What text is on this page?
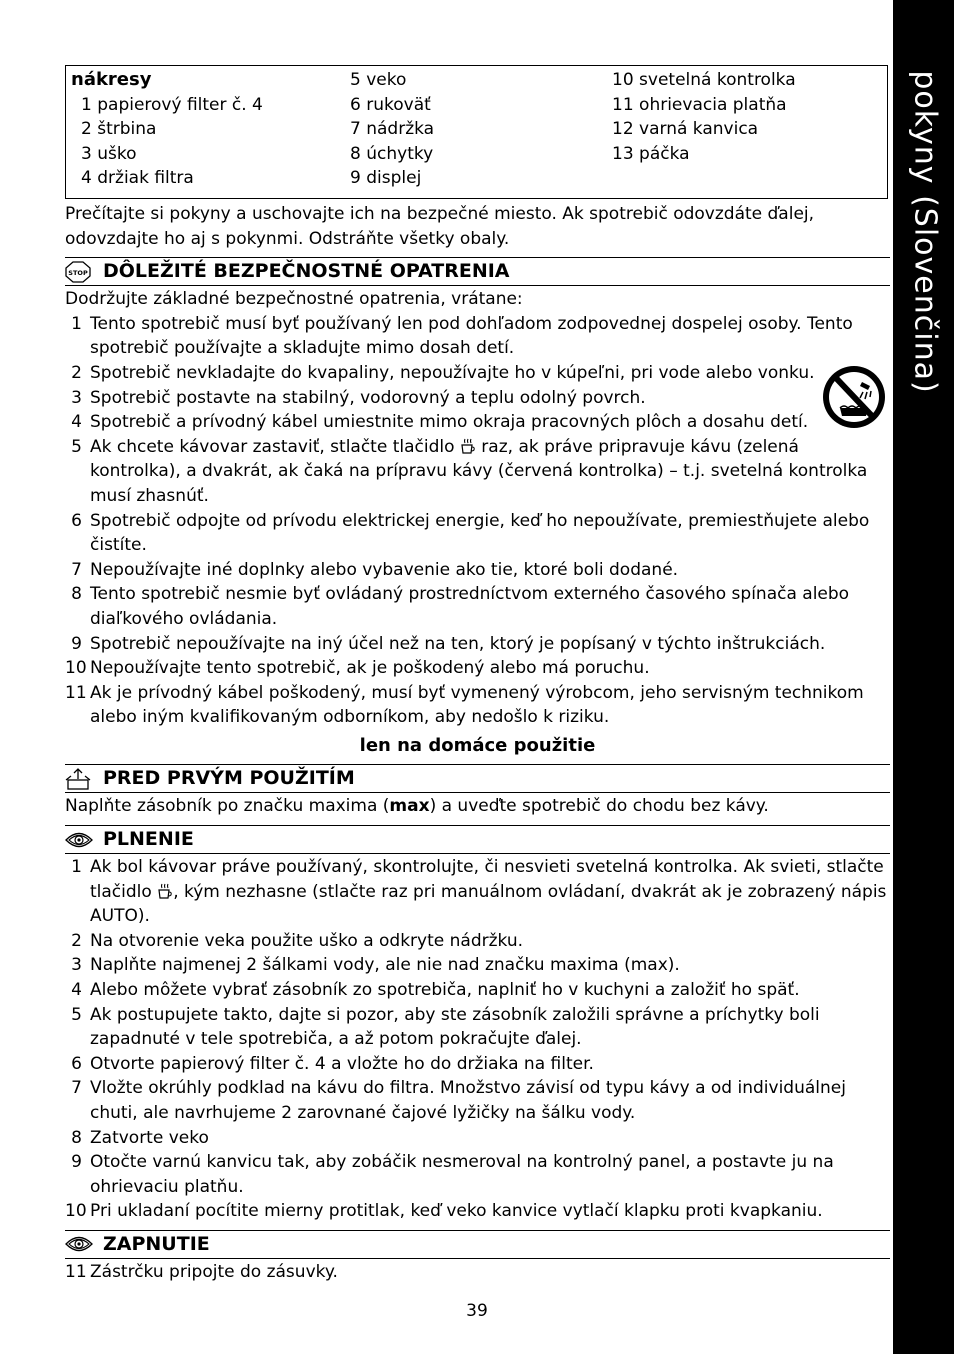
pokyny (Slovenčina)
nákresy
1 papierový filter č. 4
2 štrbina
3 uško
4 držiak filtra
5 veko
6 rukoväť
7 nádržka
8 úchytky
9 displej
10 svetelná kontrolka
11 ohrievacia platňa
12 varná kanvica
13 páčka

Prečítajte si pokyny a uschovajte ich na bezpečné miesto. Ak spotrebič odovzdáte ďalej, odovzdajte ho aj s pokynmi. Odstráňte všetky obaly.

STOP DÔLEŽITÉ BEZPEČNOSTNÉ OPATRENIA

Dodržujte základné bezpečnostné opatrenia, vrátane:

1 Tento spotrebič musí byť používaný len pod dohľadom zodpovednej dospelej osoby. Tento spotrebič používajte a skladujte mimo dosah detí.
2 Spotrebič nevkladajte do kvapaliny, nepoužívajte ho v kúpeľni, pri vode alebo vonku.
3 Spotrebič postavte na stabilný, vodorovný a teplu odolný povrch.
4 Spotrebič a prívodný kábel umiestnite mimo okraja pracovných plôch a dosahu detí.
5 Ak chcete kávovar zastaviť, stlačte tlačidlo  raz, ak práve pripravuje kávu (zelená kontrolka), a dvakrát, ak čaká na prípravu kávy (červená kontrolka) – t.j. svetelná kontrolka musí zhasnúť.
6 Spotrebič odpojte od prívodu elektrickej energie, keď ho nepoužívate, premiestňujete alebo čistíte.
7 Nepoužívajte iné doplnky alebo vybavenie ako tie, ktoré boli dodané.
8 Tento spotrebič nesmie byť ovládaný prostredníctvom externého časového spínača alebo diaľkového ovládania.
9 Spotrebič nepoužívajte na iný účel než na ten, ktorý je popísaný v týchto inštrukciách.
10 Nepoužívajte tento spotrebič, ak je poškodený alebo má poruchu.
11 Ak je prívodný kábel poškodený, musí byť vymenený výrobcom, jeho servisným technikom alebo iným kvalifikovaným odborníkom, aby nedošlo k riziku.
len na domáce použitie
PRED PRVÝM POUŽITÍM

Naplňte zásobník po značku maxima (max) a uveďte spotrebič do chodu bez kávy.

PLNENIE
1 Ak bol kávovar práve používaný, skontrolujte, či nesvieti svetelná kontrolka. Ak svieti, stlačte tlačidlo , kým nezhasne (stlačte raz pri manuálnom ovládaní, dvakrát ak je zobrazený nápis AUTO).
2 Na otvorenie veka použite uško a odkryte nádržku.
3 Naplňte najmenej 2 šálkami vody, ale nie nad značku maxima (max).
4 Alebo môžete vybrať zásobník zo spotrebiča, naplniť ho v kuchyni a založiť ho späť.
5 Ak postupujete takto, dajte si pozor, aby ste zásobník založili správne a príchytky boli zapadnuté v tele spotrebiča, a až potom pokračujte ďalej.
6 Otvorte papierový filter č. 4 a vložte ho do držiaka na filter.
7 Vložte okrúhly podklad na kávu do filtra. Množstvo závisí od typu kávy a od individuálnej chuti, ale navrhujeme 2 zarovnané čajové lyžičky na šálku vody.
8 Zatvorte veko
9 Otočte varnú kanvicu tak, aby zobáčik nesmeroval na kontrolný panel, a postavte ju na ohrievaciu platňu.
10 Pri ukladaní pocítite mierny protitlak, keď veko kanvice vytlačí klapku proti kvapkaniu.
ZAPNUTIE
11 Zástrčku pripojte do zásuvky.
39
